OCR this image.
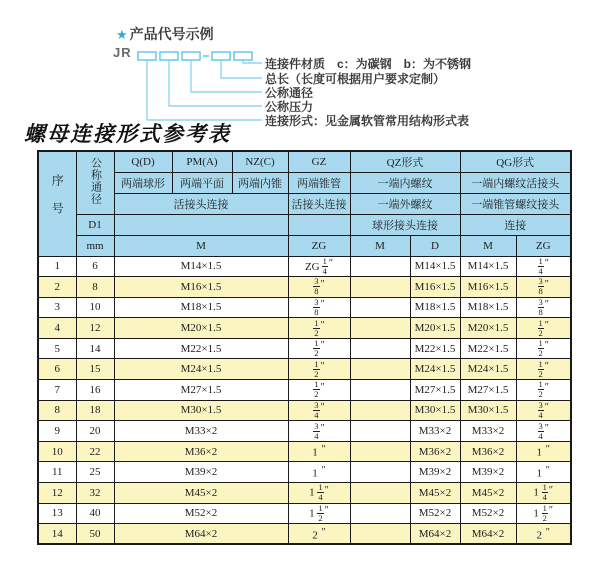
★ 产品代号示例
JR
连接件材质　c：为碳钢　b：为不锈钢
总长（长度可根据用户要求定制）
公称通径
公称压力
连接形式：见金属软管常用结构形式表
螺母连接形式参考表
序号	公称通径	Q(D)	PM(A)	NZ(C)	GZ	QZ形式		QG形式	
		两端球形	两端平面	两端内锥	两端锥管	一端内螺纹		一端内螺纹活接头	
		活接头连接			活接头连接	一端外螺纹		一端锥管螺纹接头	
	D1					球形接头连接		连接	
	mm	M			ZG	M	D	M	ZG
1	6	M14×1.5			ZG $\frac{1}{4}$ ″		M14×1.5	M14×1.5	$\frac{1}{4}$ ″
2	8	M16×1.5			$\frac{3}{8}$ ″		M16×1.5	M16×1.5	$\frac{3}{8}$ ″
3	10	M18×1.5			$\frac{3}{8}$ ″		M18×1.5	M18×1.5	$\frac{3}{8}$ ″
4	12	M20×1.5			$\frac{1}{2}$ ″		M20×1.5	M20×1.5	$\frac{1}{2}$ ″
5	14	M22×1.5			$\frac{1}{2}$ ″		M22×1.5	M22×1.5	$\frac{1}{2}$ ″
6	15	M24×1.5			$\frac{1}{2}$ ″		M24×1.5	M24×1.5	$\frac{1}{2}$ ″
7	16	M27×1.5			$\frac{1}{2}$ ″		M27×1.5	M27×1.5	$\frac{1}{2}$ ″
8	18	M30×1.5			$\frac{3}{4}$ ″		M30×1.5	M30×1.5	$\frac{3}{4}$ ″
9	20	M33×2			$\frac{3}{4}$ ″		M33×2	M33×2	$\frac{3}{4}$ ″
10	22	M36×2			1 ″		M36×2	M36×2	1 ″
11	25	M39×2			1 ″		M39×2	M39×2	1 ″
12	32	M45×2			$1 \frac{1}{4}$ ″		M45×2	M45×2	$1 \frac{1}{4}$ ″
13	40	M52×2			$1 \frac{1}{2}$ ″		M52×2	M52×2	$1 \frac{1}{2}$ ″
14	50	M64×2			2 ″		M64×2	M64×2	2 ″
